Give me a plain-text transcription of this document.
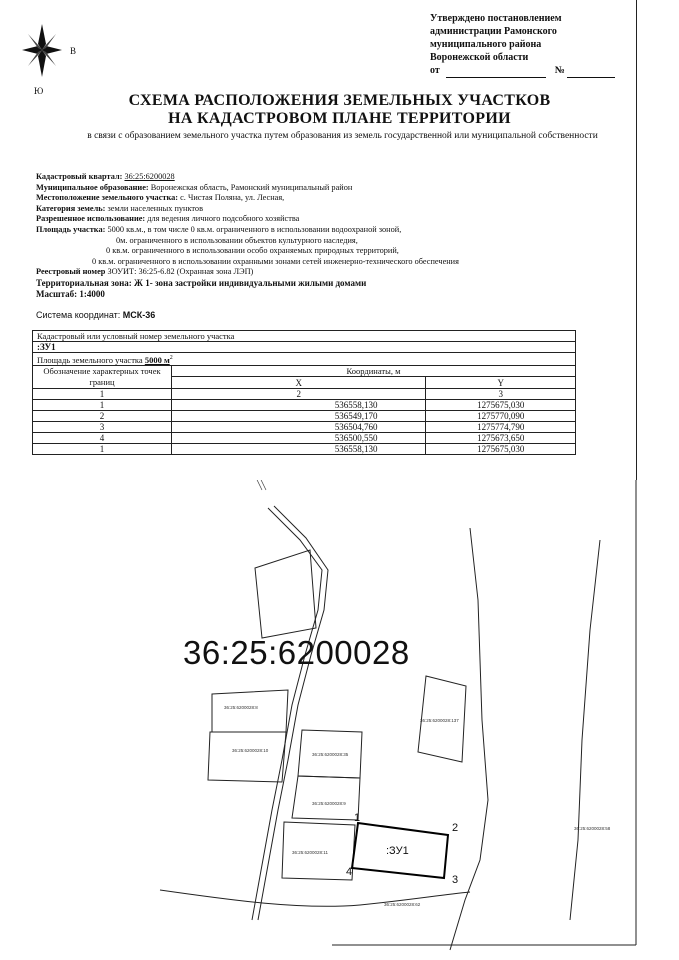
В
Ю
Утверждено постановлением
администрации Рамонского
муниципального района
Воронежской области
от	№
СХЕМА РАСПОЛОЖЕНИЯ ЗЕМЕЛЬНЫХ УЧАСТКОВ
НА КАДАСТРОВОМ ПЛАНЕ ТЕРРИТОРИИ
в связи с образованием земельного участка путем образования из земель государственной или муниципальной собственности
Кадастровый квартал: 36:25:6200028
Муниципальное образование: Воронежская область, Рамонский муниципальный район
Местоположение земельного участка: с. Чистая Поляна, ул. Лесная,
Категория земель: земли населенных пунктов
Разрешенное использование: для ведения личного подсобного хозяйства
Площадь участка: 5000 кв.м., в том числе 0 кв.м. ограниченного в использовании водоохраной зоной,
0м. ограниченного в использовании объектов культурного наследия,
0 кв.м. ограниченного в использовании особо охраняемых природных территорий,
0 кв.м. ограниченного в использовании охранными зонами сетей инженерно-технического обеспечения
Реестровый номер ЗОУИТ: 36:25-6.82 (Охранная зона ЛЭП)
Территориальная зона: Ж 1- зона застройки индивидуальными жилыми домами
Масштаб: 1:4000
Система координат: МСК-36
Кадастровый или условный номер земельного участка		
:ЗУ1		
Площадь земельного участка 5000 $м^2$
Обозначение характерных точек границ	Координаты, м	
	X	Y
1	2	3
1	536558,130	1275675,030
2	536549,170	1275770,090
3	536504,760	1275774,790
4	536500,550	1275673,650
1	536558,130	1275675,030
36:25:6200028
36:25:6200028:8
36:25:6200028:10
36:25:6200028:35
36:25:6200028:9
36:25:6200028:11
36:25:6200028:137
36:25:6200028:62
36:25:6200028:58
:ЗУ1
1
2
3
4
